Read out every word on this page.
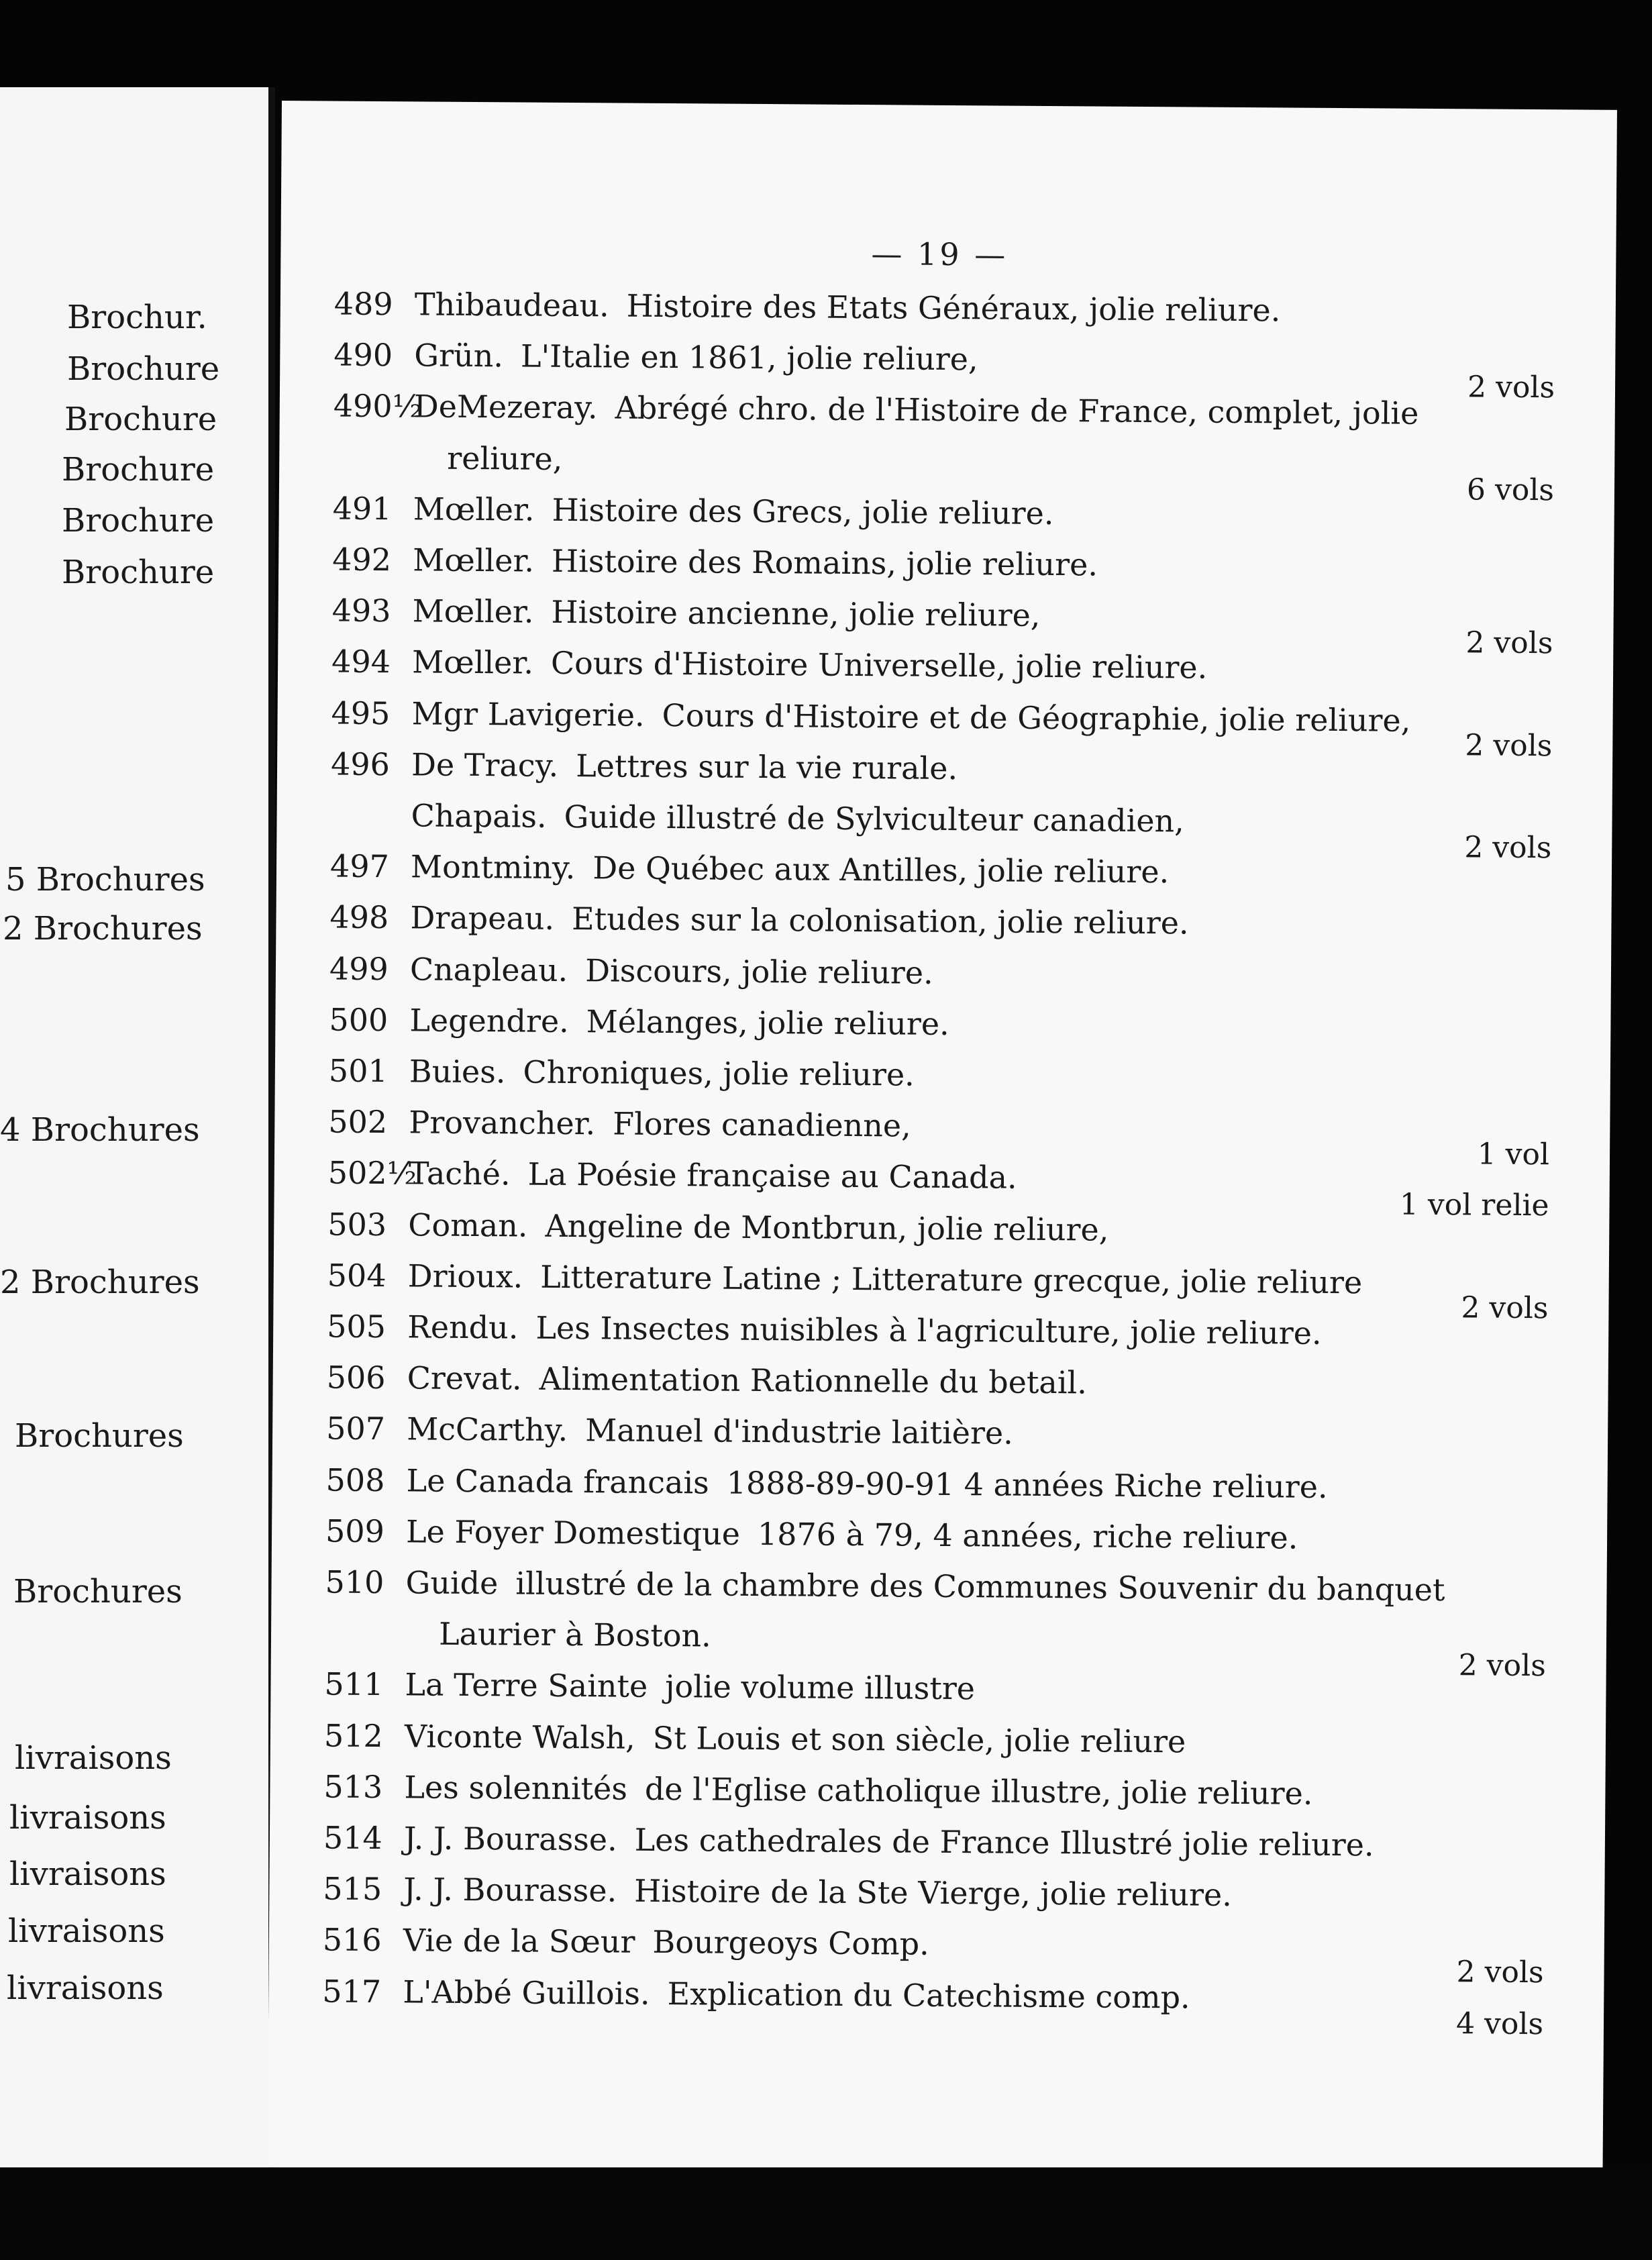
Brochur.
Brochure
Brochure
Brochure
Brochure
Brochure
5 Brochures
2 Brochures
4 Brochures
2 Brochures
Brochures
Brochures
livraisons
livraisons
livraisons
livraisons
livraisons
— 19 —
489 Thibaudeau. Histoire des Etats Généraux, jolie reliure.
490 Grün. L'Italie en 1861, jolie reliure,
2 vols
490½
DeMezeray. Abrégé chro. de l'Histoire de France, complet, jolie
reliure,
6 vols
491 Mœller. Histoire des Grecs, jolie reliure.
492 Mœller. Histoire des Romains, jolie reliure.
493 Mœller. Histoire ancienne, jolie reliure,
2 vols
494 Mœller. Cours d'Histoire Universelle, jolie reliure.
495 Mgr Lavigerie. Cours d'Histoire et de Géographie, jolie reliure,
2 vols
496 De Tracy. Lettres sur la vie rurale.
Chapais. Guide illustré de Sylviculteur canadien,
2 vols
497 Montminy. De Québec aux Antilles, jolie reliure.
498 Drapeau. Etudes sur la colonisation, jolie reliure.
499 Cnapleau. Discours, jolie reliure.
500 Legendre. Mélanges, jolie reliure.
501 Buies. Chroniques, jolie reliure.
502 Provancher. Flores canadienne,
1 vol
502½
Taché. La Poésie française au Canada.
1 vol relie
503 Coman. Angeline de Montbrun, jolie reliure,
504 Drioux. Litterature Latine ; Litterature grecque, jolie reliure
2 vols
505 Rendu. Les Insectes nuisibles à l'agriculture, jolie reliure.
506 Crevat. Alimentation Rationnelle du betail.
507 McCarthy. Manuel d'industrie laitière.
508 Le Canada francais 1888-89-90-91 4 années Riche reliure.
509 Le Foyer Domestique 1876 à 79, 4 années, riche reliure.
510 Guide illustré de la chambre des Communes Souvenir du banquet
Laurier à Boston.
2 vols
511 La Terre Sainte jolie volume illustre
512 Viconte Walsh, St Louis et son siècle, jolie reliure
513 Les solennités de l'Eglise catholique illustre, jolie reliure.
514 J. J. Bourasse. Les cathedrales de France Illustré jolie reliure.
515 J. J. Bourasse. Histoire de la Ste Vierge, jolie reliure.
516 Vie de la Sœur Bourgeoys Comp.
2 vols
517 L'Abbé Guillois. Explication du Catechisme comp.
4 vols
